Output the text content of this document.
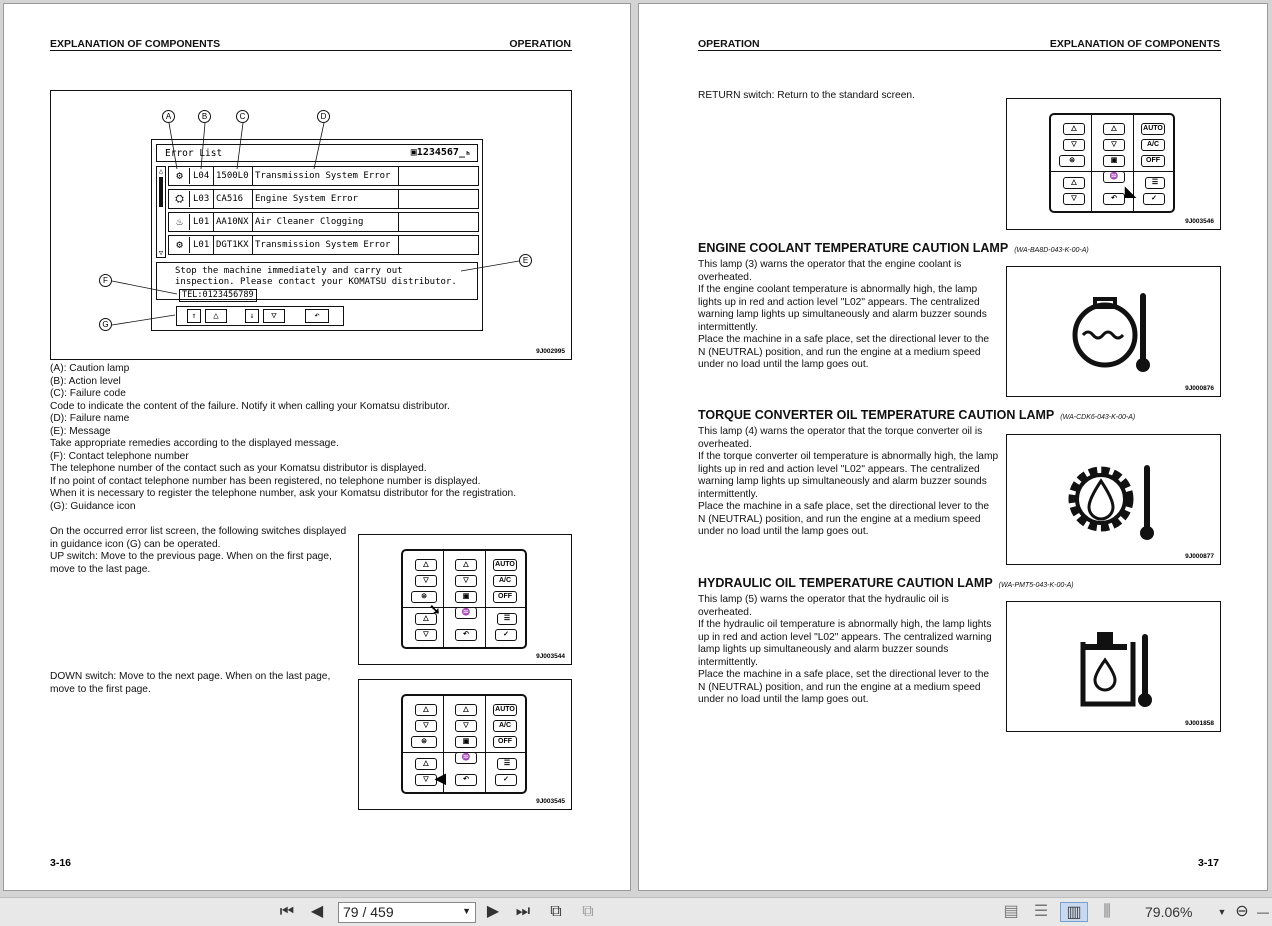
EXPLANATION OF COMPONENTS	OPERATION
A	B	C	D
E
F
G
Error List	▣1234567̲ₕ
△
▽
⚙	L04 1500L0 Transmission System Error
⛭	L03 CA516 Engine System Error
♨	L01 AA10NX Air Cleaner Clogging
⚙	L01 DGT1KX Transmission System Error
Stop the machine immediately and carry out
inspection. Please contact your KOMATSU distributor.
TEL:0123456789
⇑	△	⇓	▽	↶
9J002995
(A): Caution lamp
(B): Action level
(C): Failure code
Code to indicate the content of the failure. Notify it when calling your Komatsu distributor.
(D): Failure name
(E): Message
Take appropriate remedies according to the displayed message.
(F): Contact telephone number
The telephone number of the contact such as your Komatsu distributor is displayed.
If no point of contact telephone number has been registered, no telephone number is displayed.
When it is necessary to register the telephone number, ask your Komatsu distributor for the registration.
(G): Guidance icon
On the occurred error list screen, the following switches displayed
in guidance icon (G) can be operated.
UP switch: Move to the previous page. When on the first page,
move to the last page.	△
▽
△
▽
AUTO
A/C
OFF
⊜	▣
♒
△
▽	↶
☰
✓
➘
9J003544
DOWN switch: Move to the next page. When on the last page,
move to the first page.
△
▽
△
▽
AUTO
A/C
OFF
⊜	▣
♒
△
▽	↶
☰
✓
◀
9J003545
3-16
OPERATION	EXPLANATION OF COMPONENTS
RETURN switch: Return to the standard screen.
△
▽
△
▽
AUTO
A/C
OFF
⊜	▣
♒
△
▽	↶
☰
✓
◣
9J003546
ENGINE COOLANT TEMPERATURE CAUTION LAMP (WA-BA8D-043-K-00-A)
This lamp (3) warns the operator that the engine coolant is
overheated.
If the engine coolant temperature is abnormally high, the lamp
lights up in red and action level "L02" appears. The centralized
warning lamp lights up simultaneously and alarm buzzer sounds
intermittently.
Place the machine in a safe place, set the directional lever to the
N (NEUTRAL) position, and run the engine at a medium speed
under no load until the lamp goes out.
9J000876
TORQUE CONVERTER OIL TEMPERATURE CAUTION LAMP (WA-CDK6-043-K-00-A)
This lamp (4) warns the operator that the torque converter oil is
overheated.
If the torque converter oil temperature is abnormally high, the lamp
lights up in red and action level "L02" appears. The centralized
warning lamp lights up simultaneously and alarm buzzer sounds
intermittently.
Place the machine in a safe place, set the directional lever to the
N (NEUTRAL) position, and run the engine at a medium speed
under no load until the lamp goes out.
9J000877
HYDRAULIC OIL TEMPERATURE CAUTION LAMP (WA-PMT5-043-K-00-A)
This lamp (5) warns the operator that the hydraulic oil is
overheated.
If the hydraulic oil temperature is abnormally high, the lamp lights
up in red and action level "L02" appears. The centralized warning
lamp lights up simultaneously and alarm buzzer sounds
intermittently.
Place the machine in a safe place, set the directional lever to the
N (NEUTRAL) position, and run the engine at a medium speed
under no load until the lamp goes out.
9J001858
3-17
⏮	◀	79 / 459	▼ ▶	⏭	⧉	⧉	▤ ☰	▥	⫼	79.06%	▼ ⊖ —
